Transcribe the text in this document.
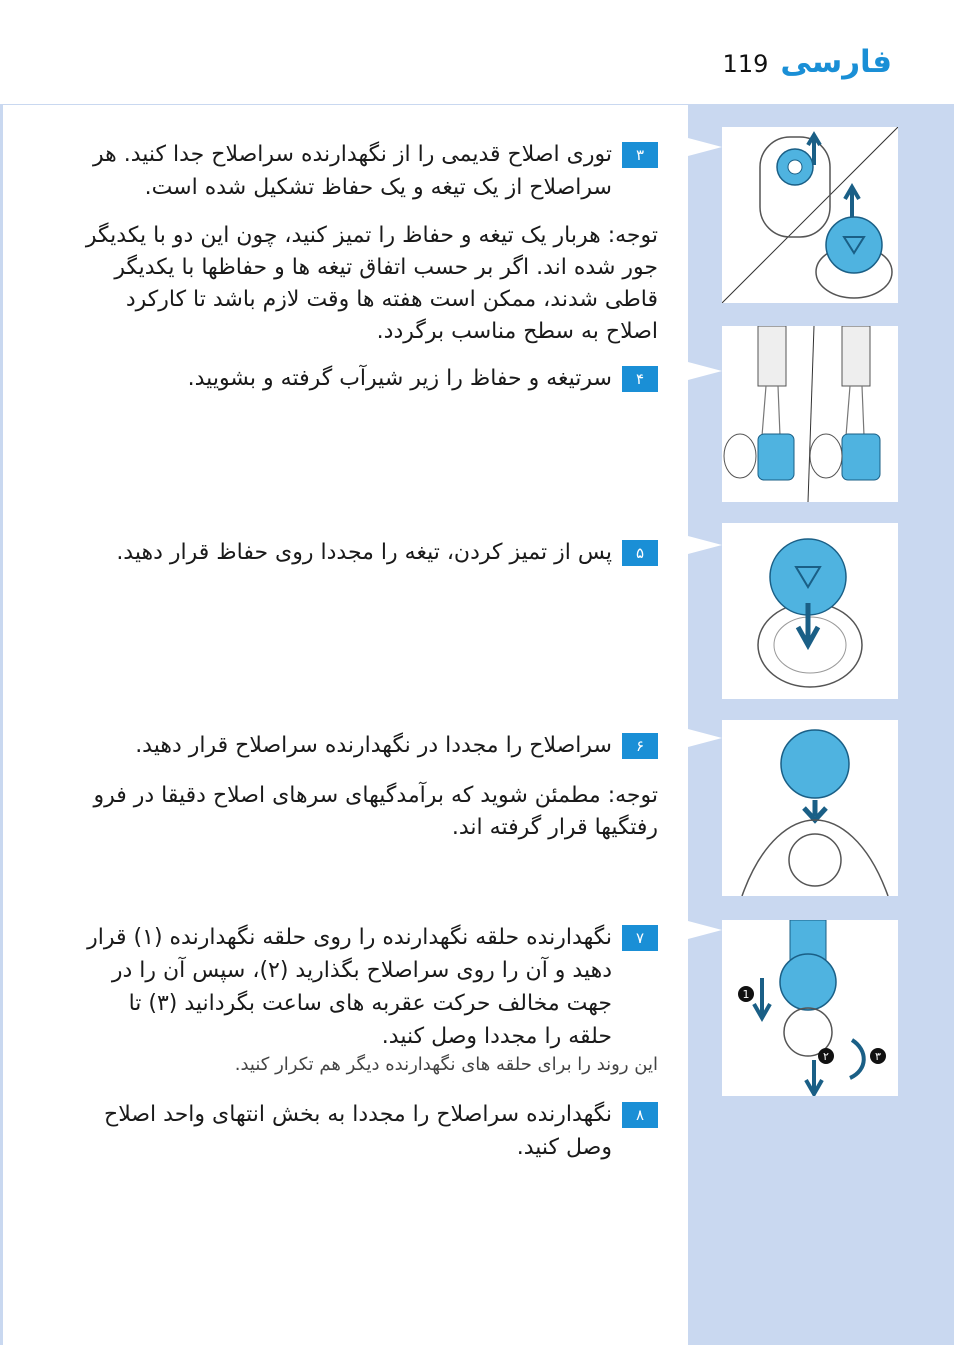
119 فارسی
۳
توری اصلاح قدیمی را از نگهدارنده سراصلاح جدا کنید. هر سراصلاح از یک تیغه و یک حفاظ تشکیل شده است.
توجه: هربار یک تیغه و حفاظ را تمیز کنید، چون این دو با یکدیگر جور شده اند. اگر بر حسب اتفاق تیغه ها و حفاظها با یکدیگر قاطی شدند، ممکن است هفته ها وقت لازم باشد تا کارکرد اصلاح به سطح مناسب برگردد.
۴
سرتیغه و حفاظ را زیر شیرآب گرفته و بشویید.
۵
پس از تمیز کردن، تیغه را مجددا روی حفاظ قرار دهید.
۶
سراصلاح را مجددا در نگهدارنده سراصلاح قرار دهید.
توجه: مطمئن شوید که برآمدگیهای سرهای اصلاح دقیقا در فرو رفتگیها قرار گرفته اند.
۷
نگهدارنده حلقه نگهدارنده را روی حلقه نگهدارنده (۱) قرار دهید و آن را روی سراصلاح بگذارید (۲)، سپس آن را در جهت مخالف حرکت عقربه های ساعت بگردانید (۳) تا حلقه را مجددا وصل کنید.
این روند را برای حلقه های نگهدارنده دیگر هم تکرار کنید.
۸
نگهدارنده سراصلاح را مجددا به بخش انتهای واحد اصلاح وصل کنید.
1
۲	۳
